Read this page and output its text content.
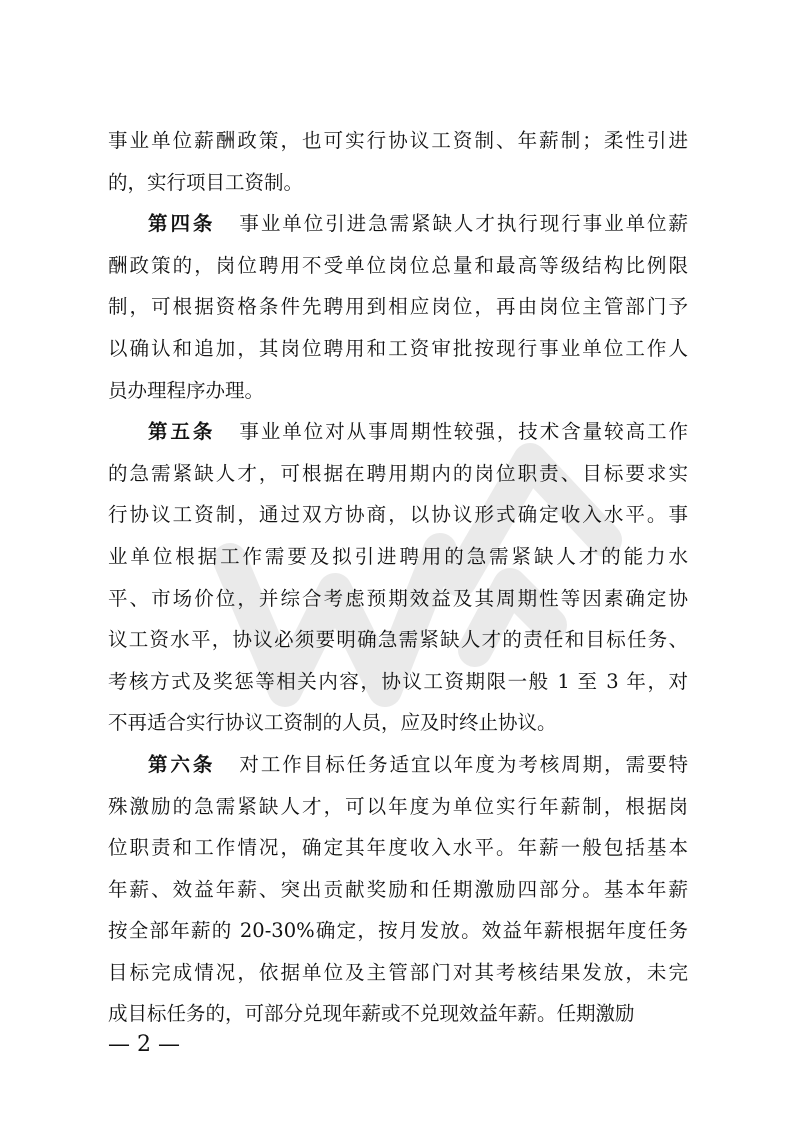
事业单位薪酬政策，也可实行协议工资制、年薪制；柔性引进
的，实行项目工资制。
第四条 事业单位引进急需紧缺人才执行现行事业单位薪
酬政策的，岗位聘用不受单位岗位总量和最高等级结构比例限
制，可根据资格条件先聘用到相应岗位，再由岗位主管部门予
以确认和追加，其岗位聘用和工资审批按现行事业单位工作人
员办理程序办理。
第五条 事业单位对从事周期性较强，技术含量较高工作
的急需紧缺人才，可根据在聘用期内的岗位职责、目标要求实
行协议工资制，通过双方协商，以协议形式确定收入水平。事
业单位根据工作需要及拟引进聘用的急需紧缺人才的能力水
平、市场价位，并综合考虑预期效益及其周期性等因素确定协
议工资水平，协议必须要明确急需紧缺人才的责任和目标任务、
考核方式及奖惩等相关内容，协议工资期限一般 1 至 3 年，对
不再适合实行协议工资制的人员，应及时终止协议。
第六条 对工作目标任务适宜以年度为考核周期，需要特
殊激励的急需紧缺人才，可以年度为单位实行年薪制，根据岗
位职责和工作情况，确定其年度收入水平。年薪一般包括基本
年薪、效益年薪、突出贡献奖励和任期激励四部分。基本年薪
按全部年薪的 20-30%确定，按月发放。效益年薪根据年度任务
目标完成情况，依据单位及主管部门对其考核结果发放，未完
成目标任务的，可部分兑现年薪或不兑现效益年薪。任期激励
— 2 —
